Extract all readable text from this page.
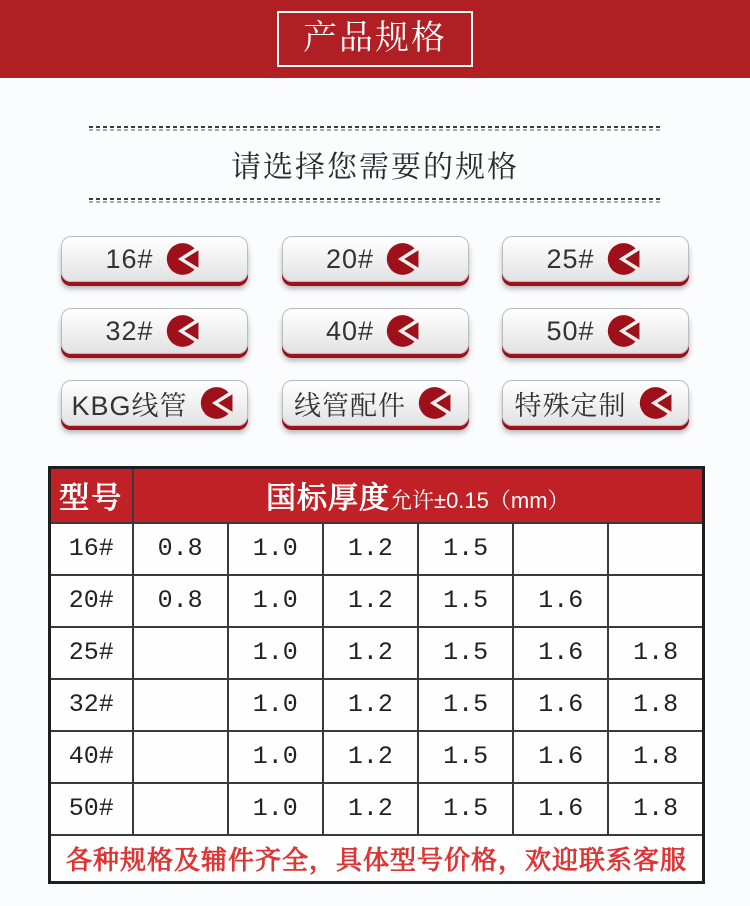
产品规格
请选择您需要的规格
16#	20#	25#
32#	40#	50#
KBG线管	线管配件	特殊定制
型号	国标厚度允许±0.15（mm）					
16#	0.8	1.0	1.2	1.5		
20#	0.8	1.0	1.2	1.5	1.6	
25#		1.0	1.2	1.5	1.6	1.8
32#		1.0	1.2	1.5	1.6	1.8
40#		1.0	1.2	1.5	1.6	1.8
50#		1.0	1.2	1.5	1.6	1.8
各种规格及辅件齐全，具体型号价格，欢迎联系客服						
